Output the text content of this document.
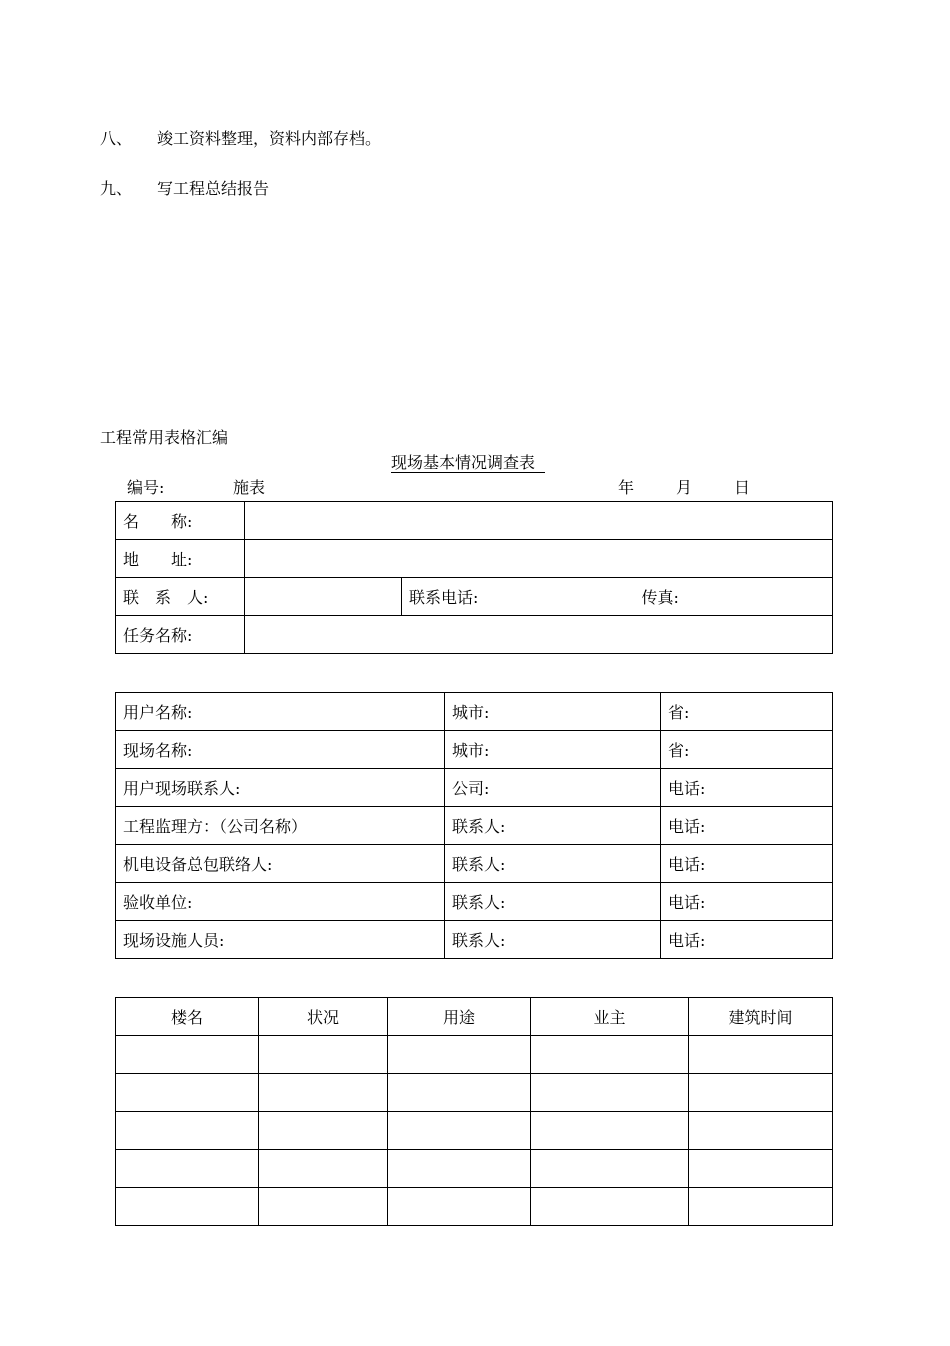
八、 竣工资料整理，资料内部存档。
九、 写工程总结报告
工程常用表格汇编
现场基本情况调查表
编号:	施表	年	月	日
名　　称:			
地　　址:			
联　系　人:		联系电话:	传真:
任务名称:			
用户名称:	城市:	省:
现场名称:	城市:	省:
用户现场联系人:	公司:	电话:
工程监理方：（公司名称）	联系人:	电话:
机电设备总包联络人:	联系人:	电话:
验收单位:	联系人:	电话:
现场设施人员:	联系人:	电话:
楼名	状况	用途	业主	建筑时间
